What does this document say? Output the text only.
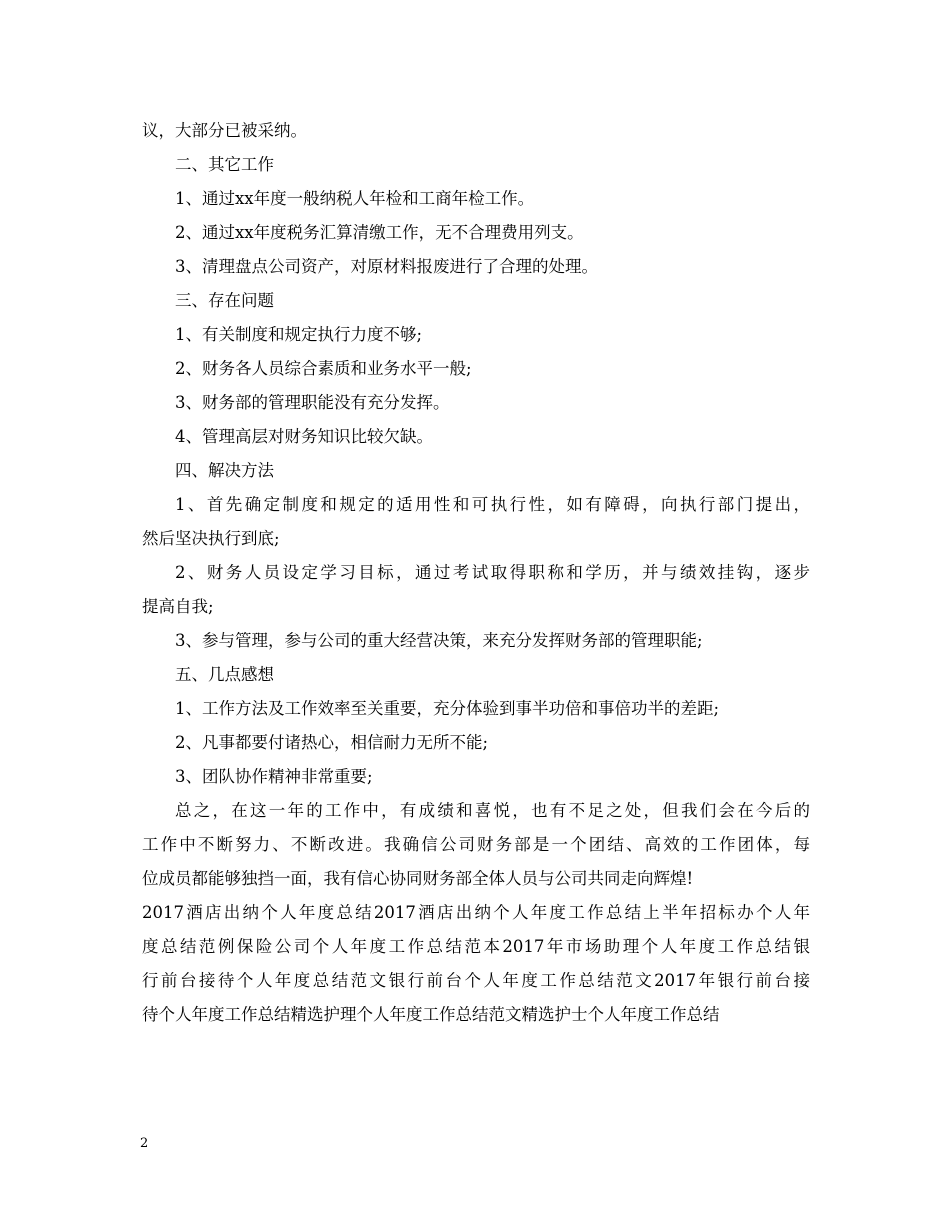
议，大部分已被采纳。
二、其它工作
1、通过xx年度一般纳税人年检和工商年检工作。
2、通过xx年度税务汇算清缴工作，无不合理费用列支。
3、清理盘点公司资产，对原材料报废进行了合理的处理。
三、存在问题
1、有关制度和规定执行力度不够;
2、财务各人员综合素质和业务水平一般;
3、财务部的管理职能没有充分发挥。
4、管理高层对财务知识比较欠缺。
四、解决方法
1、首先确定制度和规定的适用性和可执行性，如有障碍，向执行部门提出，
然后坚决执行到底;
2、财务人员设定学习目标，通过考试取得职称和学历，并与绩效挂钩，逐步
提高自我;
3、参与管理，参与公司的重大经营决策，来充分发挥财务部的管理职能;
五、几点感想
1、工作方法及工作效率至关重要，充分体验到事半功倍和事倍功半的差距;
2、凡事都要付诸热心，相信耐力无所不能;
3、团队协作精神非常重要;
总之，在这一年的工作中，有成绩和喜悦，也有不足之处，但我们会在今后的
工作中不断努力、不断改进。我确信公司财务部是一个团结、高效的工作团体，每
位成员都能够独挡一面，我有信心协同财务部全体人员与公司共同走向辉煌!
2017酒店出纳个人年度总结2017酒店出纳个人年度工作总结上半年招标办个人年
度总结范例保险公司个人年度工作总结范本2017年市场助理个人年度工作总结银
行前台接待个人年度总结范文银行前台个人年度工作总结范文2017年银行前台接
待个人年度工作总结精选护理个人年度工作总结范文精选护士个人年度工作总结
2
